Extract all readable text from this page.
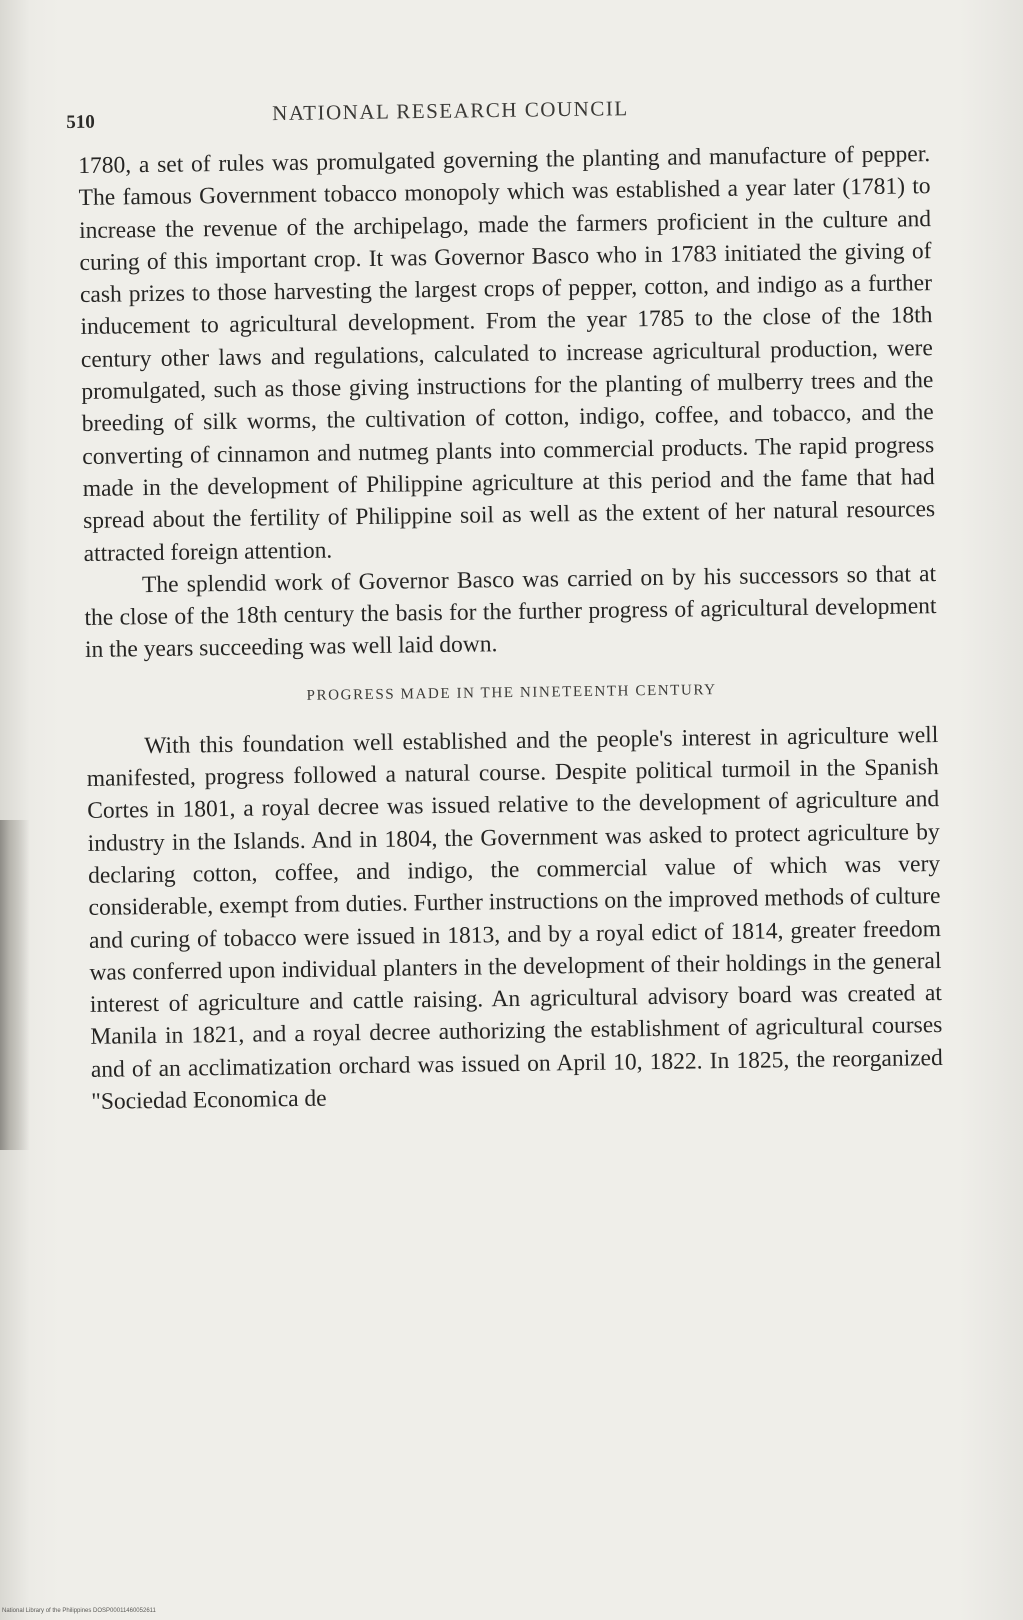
510	NATIONAL RESEARCH COUNCIL

1780, a set of rules was promulgated governing the planting and manufacture of pepper. The famous Government tobacco monopoly which was established a year later (1781) to increase the revenue of the archipelago, made the farmers proficient in the culture and curing of this important crop. It was Governor Basco who in 1783 initiated the giving of cash prizes to those harvesting the largest crops of pepper, cotton, and indigo as a further inducement to agricultural development. From the year 1785 to the close of the 18th century other laws and regulations, calculated to increase agricultural production, were promulgated, such as those giving instructions for the planting of mulberry trees and the breeding of silk worms, the cultivation of cotton, indigo, coffee, and tobacco, and the converting of cinnamon and nutmeg plants into commercial products. The rapid progress made in the development of Philippine agriculture at this period and the fame that had spread about the fertility of Philippine soil as well as the extent of her natural resources attracted foreign attention.

The splendid work of Governor Basco was carried on by his successors so that at the close of the 18th century the basis for the further progress of agricultural development in the years succeeding was well laid down.

PROGRESS MADE IN THE NINETEENTH CENTURY

With this foundation well established and the people's interest in agriculture well manifested, progress followed a natural course. Despite political turmoil in the Spanish Cortes in 1801, a royal decree was issued relative to the development of agriculture and industry in the Islands. And in 1804, the Government was asked to protect agriculture by declaring cotton, coffee, and indigo, the commercial value of which was very considerable, exempt from duties. Further instructions on the improved methods of culture and curing of tobacco were issued in 1813, and by a royal edict of 1814, greater freedom was conferred upon individual planters in the development of their holdings in the general interest of agriculture and cattle raising. An agricultural advisory board was created at Manila in 1821, and a royal decree authorizing the establishment of agricultural courses and of an acclimatization orchard was issued on April 10, 1822. In 1825, the reorganized "Sociedad Economica de

National Library of the Philippines DOSP00011460052611
